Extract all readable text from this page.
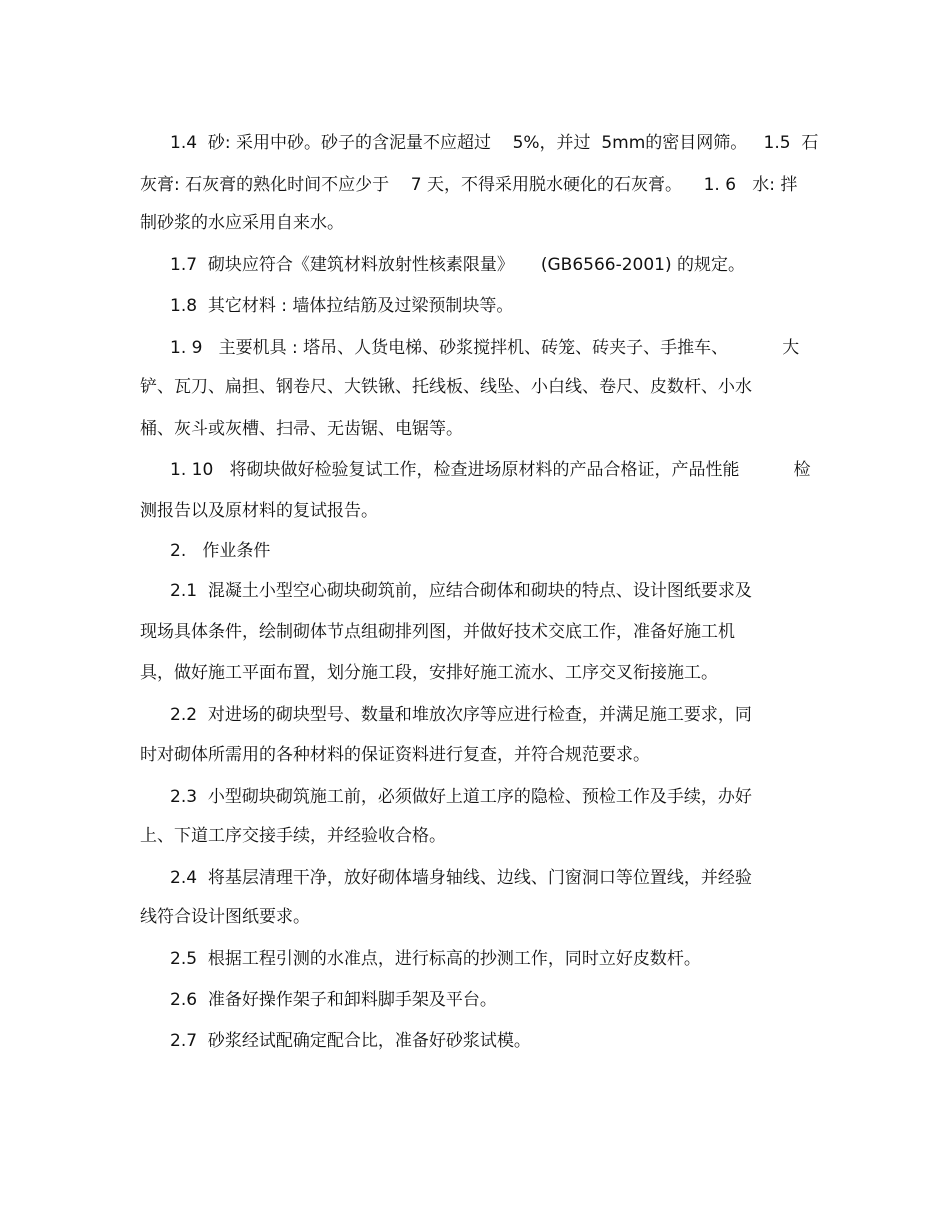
1.4  砂: 采用中砂。砂子的含泥量不应超过    5%，并过  5mm的密目网筛。   1.5  石
灰膏: 石灰膏的熟化时间不应少于    7 天，不得采用脱水硬化的石灰膏。    1. 6   水: 拌
制砂浆的水应采用自来水。
1.7  砌块应符合《建筑材料放射性核素限量》     (GB6566-2001) 的规定。
1.8  其它材料 : 墙体拉结筋及过梁预制块等。
1. 9   主要机具 : 塔吊、人货电梯、砂浆搅拌机、砖笼、砖夹子、手推车、          大
铲、瓦刀、扁担、钢卷尺、大铁锹、托线板、线坠、小白线、卷尺、皮数杆、小水
桶、灰斗或灰槽、扫帚、无齿锯、电锯等。
1. 10   将砌块做好检验复试工作，检查进场原材料的产品合格证，产品性能          检
测报告以及原材料的复试报告。
2.   作业条件
2.1  混凝土小型空心砌块砌筑前，应结合砌体和砌块的特点、设计图纸要求及
现场具体条件，绘制砌体节点组砌排列图，并做好技术交底工作，准备好施工机
具，做好施工平面布置，划分施工段，安排好施工流水、工序交叉衔接施工。
2.2  对进场的砌块型号、数量和堆放次序等应进行检查，并满足施工要求，同
时对砌体所需用的各种材料的保证资料进行复查，并符合规范要求。
2.3  小型砌块砌筑施工前，必须做好上道工序的隐检、预检工作及手续，办好
上、下道工序交接手续，并经验收合格。
2.4  将基层清理干净，放好砌体墙身轴线、边线、门窗洞口等位置线，并经验
线符合设计图纸要求。
2.5  根据工程引测的水准点，进行标高的抄测工作，同时立好皮数杆。
2.6  准备好操作架子和卸料脚手架及平台。
2.7  砂浆经试配确定配合比，准备好砂浆试模。
